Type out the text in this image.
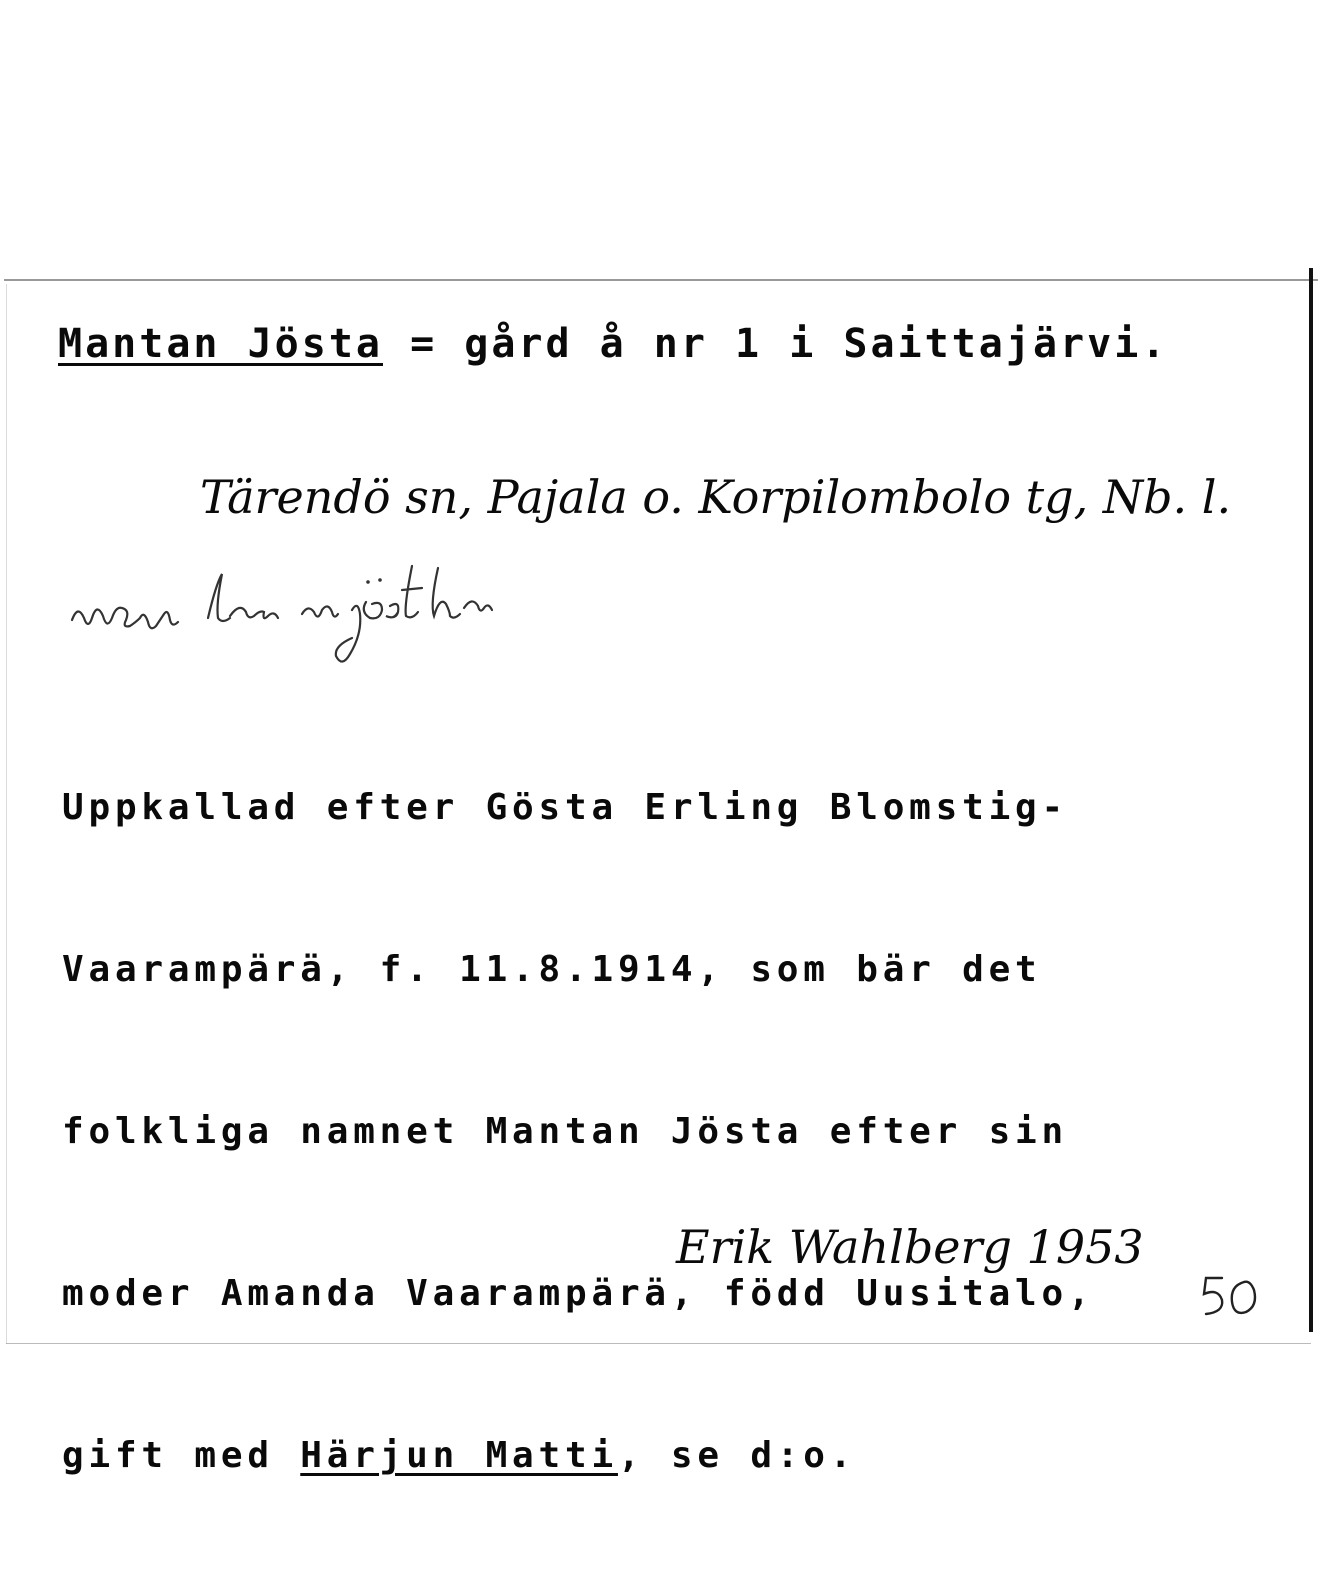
Mantan Jösta = gård å nr 1 i Saittajärvi.
Tärendö sn, Pajala o. Korpilombolo tg, Nb. l.

Uppkallad efter Gösta Erling Blomstig-

Vaarampärä, f. 11.8.1914, som bär det

folkliga namnet Mantan Jösta efter sin

moder Amanda Vaarampärä, född Uusitalo,

gift med Härjun Matti, se d:o.

Erik Wahlberg 1953
